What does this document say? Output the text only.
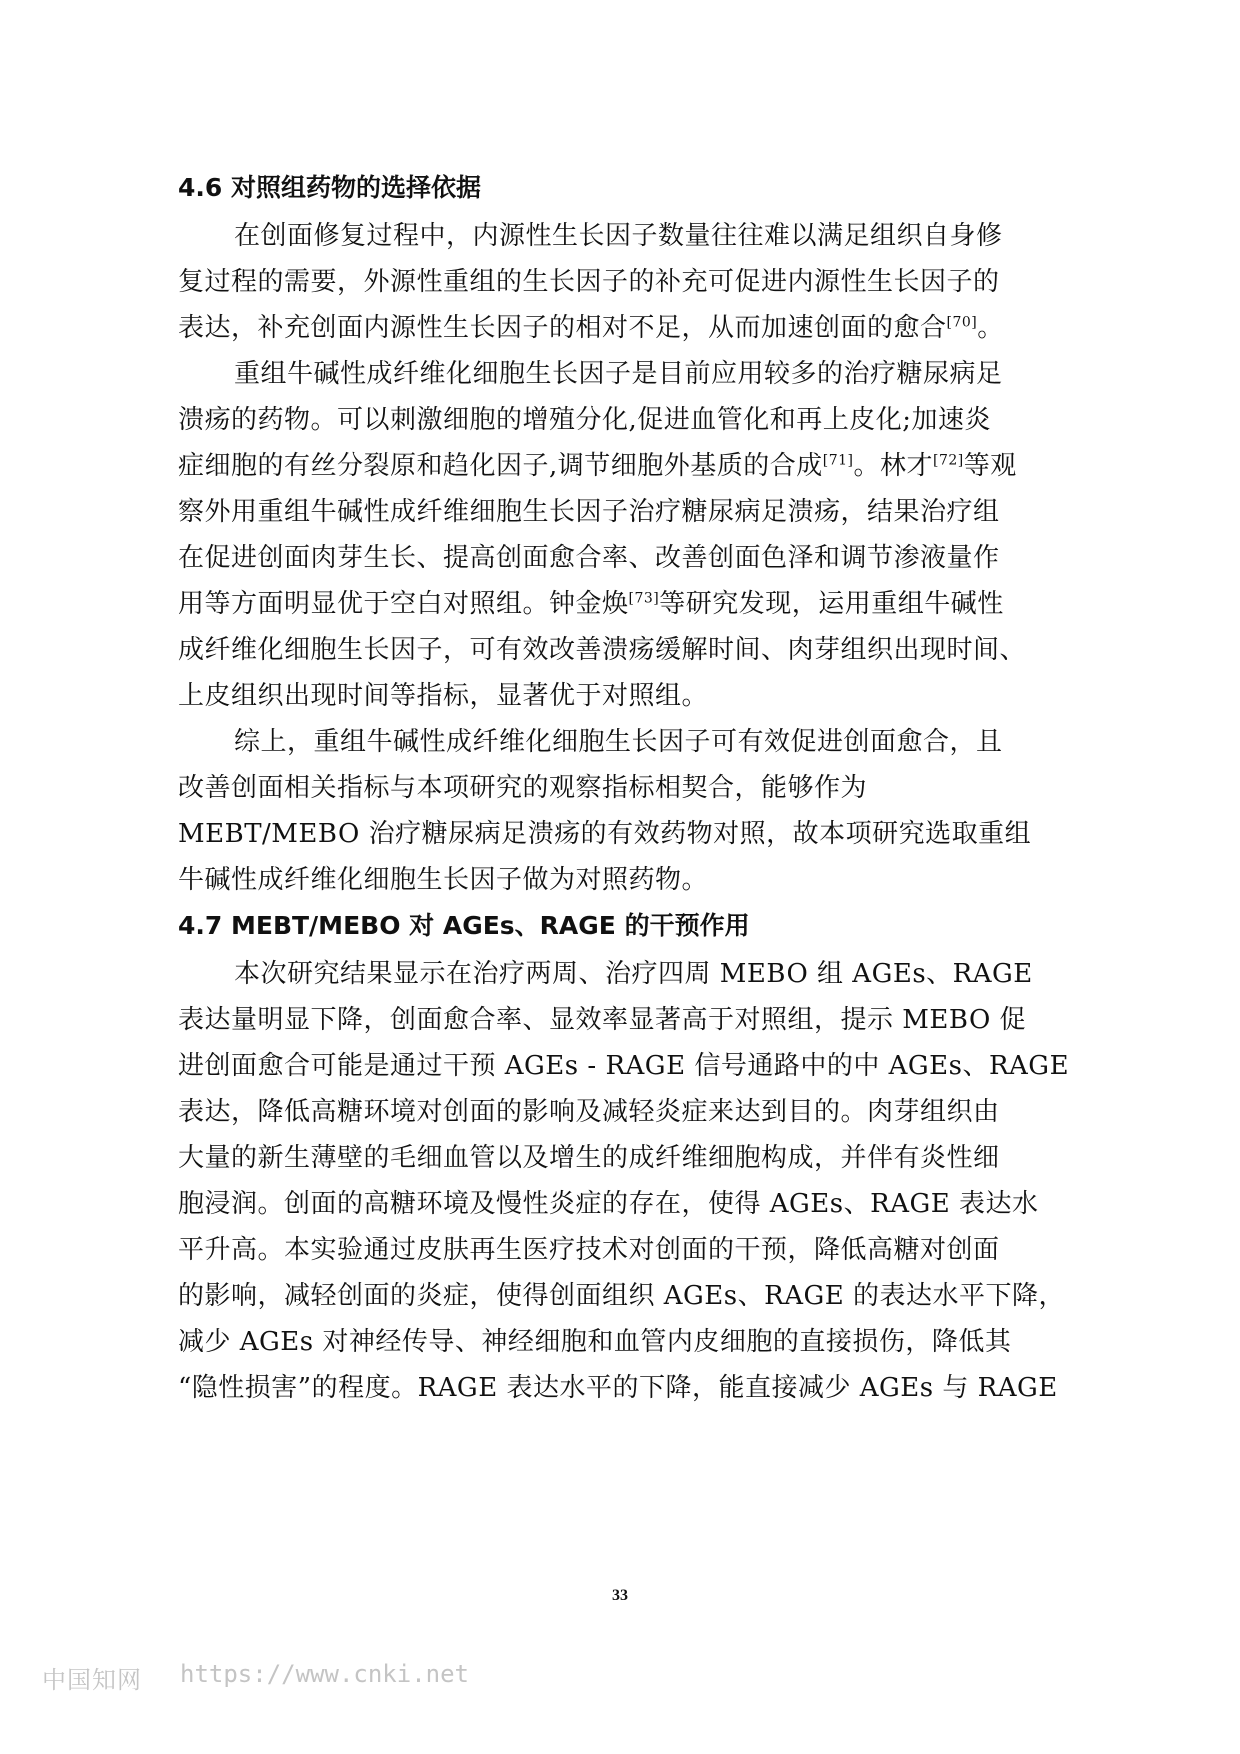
4.6 对照组药物的选择依据
在创面修复过程中，内源性生长因子数量往往难以满足组织自身修
复过程的需要，外源性重组的生长因子的补充可促进内源性生长因子的
表达，补充创面内源性生长因子的相对不足，从而加速创面的愈合[70]。
重组牛碱性成纤维化细胞生长因子是目前应用较多的治疗糖尿病足
溃疡的药物。可以刺激细胞的增殖分化,促进血管化和再上皮化;加速炎
症细胞的有丝分裂原和趋化因子,调节细胞外基质的合成[71]。林才[72]等观
察外用重组牛碱性成纤维细胞生长因子治疗糖尿病足溃疡，结果治疗组
在促进创面肉芽生长、提高创面愈合率、改善创面色泽和调节渗液量作
用等方面明显优于空白对照组。钟金焕[73]等研究发现，运用重组牛碱性
成纤维化细胞生长因子，可有效改善溃疡缓解时间、肉芽组织出现时间、
上皮组织出现时间等指标，显著优于对照组。
综上，重组牛碱性成纤维化细胞生长因子可有效促进创面愈合，且
改善创面相关指标与本项研究的观察指标相契合，能够作为
MEBT/MEBO 治疗糖尿病足溃疡的有效药物对照，故本项研究选取重组
牛碱性成纤维化细胞生长因子做为对照药物。
4.7 MEBT/MEBO 对 AGEs、RAGE 的干预作用
本次研究结果显示在治疗两周、治疗四周 MEBO 组 AGEs、RAGE
表达量明显下降，创面愈合率、显效率显著高于对照组，提示 MEBO 促
进创面愈合可能是通过干预 AGEs - RAGE 信号通路中的中 AGEs、RAGE
表达，降低高糖环境对创面的影响及减轻炎症来达到目的。肉芽组织由
大量的新生薄壁的毛细血管以及增生的成纤维细胞构成，并伴有炎性细
胞浸润。创面的高糖环境及慢性炎症的存在，使得 AGEs、RAGE 表达水
平升高。本实验通过皮肤再生医疗技术对创面的干预，降低高糖对创面
的影响，减轻创面的炎症，使得创面组织 AGEs、RAGE 的表达水平下降，
减少 AGEs 对神经传导、神经细胞和血管内皮细胞的直接损伤，降低其
“隐性损害”的程度。RAGE 表达水平的下降，能直接减少 AGEs 与 RAGE
33
中国知网 https://www.cnki.net
